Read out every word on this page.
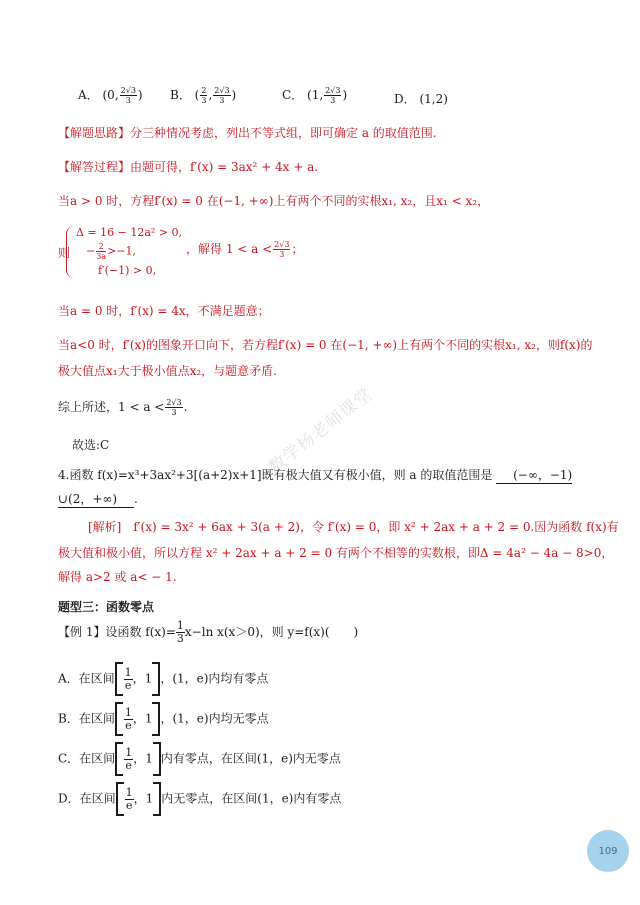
A． (0, $\frac{2√3}{3}$ ) B． ( $\frac{2}{3}$ , $\frac{2√3}{3}$ )	C． (1, $\frac{2√3}{3}$ )	D． (1,2)
【解题思路】分三种情况考虑，列出不等式组，即可确定 a 的取值范围.
【解答过程】由题可得，f′(x) = 3ax² + 4x + a.
当a > 0 时，方程f′(x) = 0 在(−1, +∞)上有两个不同的实根x₁, x₂，且x₁ < x₂，
则
Δ = 16 − 12a² > 0,
− $\frac{2}{3a} >-1$,
f′(−1) > 0,
，解得 $1 < a < \frac{2√3}{3}$ ；
当a = 0 时，f′(x) = 4x，不满足题意；
当a<0 时，f′(x)的图象开口向下，若方程f′(x) = 0 在(−1, +∞)上有两个不同的实根x₁, x₂，则f(x)的
极大值点x₁大于极小值点x₂，与题意矛盾.
综上所述，$1 < a < \frac{2√3}{3}$ .
故选:C	数学杨老师课堂
4.函数 f(x)=x³+3ax²+3[(a+2)x+1]既有极大值又有极小值，则 a 的取值范围是 (−∞，−1)
∪(2，+∞) .
[解析]　f′(x) = 3x² + 6ax + 3(a + 2)，令 f′(x) = 0，即 x² + 2ax + a + 2 = 0.因为函数 f(x)有
极大值和极小值，所以方程 x² + 2ax + a + 2 = 0 有两个不相等的实数根，即Δ = 4a² − 4a − 8>0，
解得 a>2 或 a< − 1.
题型三：函数零点
【例 1】设函数 $f(x)= \frac{1}{3}x-\ln$ x(x＞0)，则 y=f(x)(　　)
A．在区间 $\frac{1}{e}$，1 ，(1，e)内均有零点
B．在区间 $\frac{1}{e}$，1 ，(1，e)内均无零点
C．在区间 $\frac{1}{e}$，1 内有零点，在区间(1，e)内无零点
D．在区间 $\frac{1}{e}$，1 内无零点，在区间(1，e)内有零点
109
